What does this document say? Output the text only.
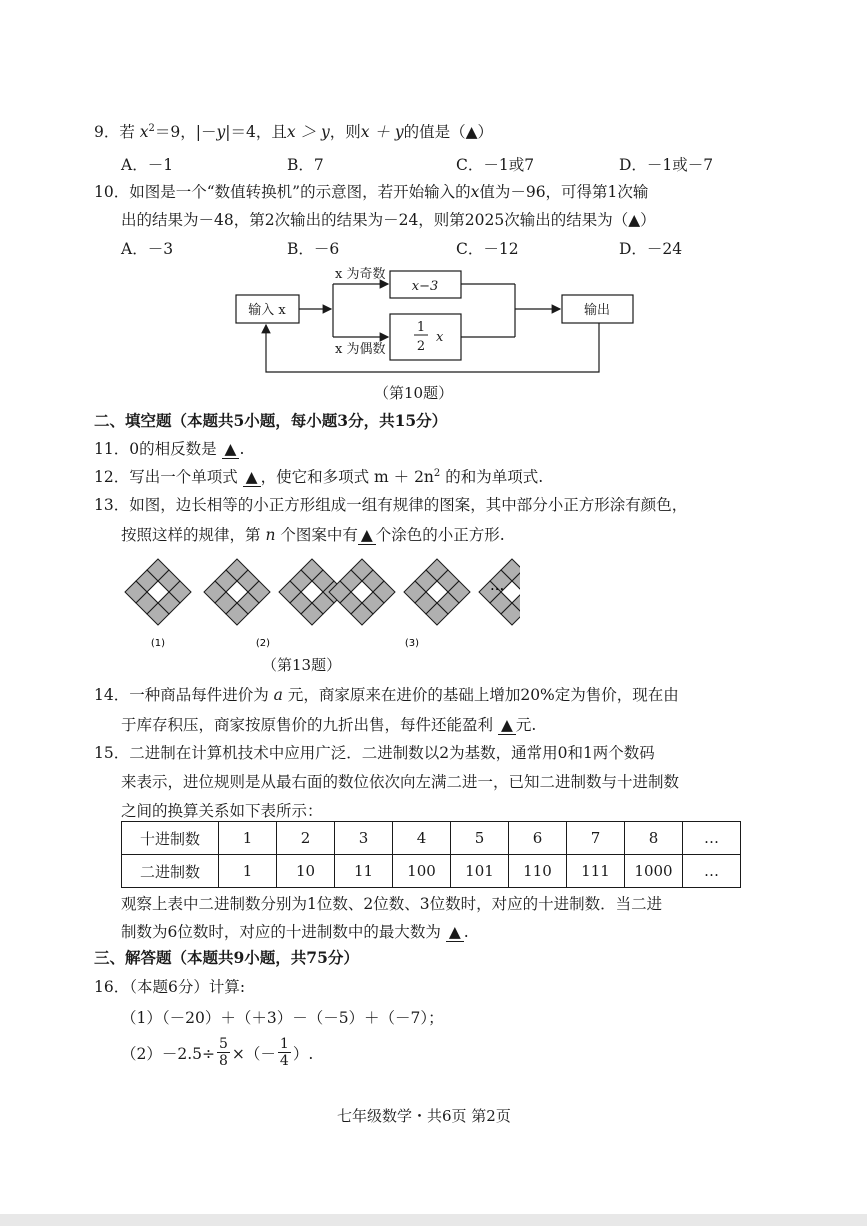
9．若 $x^2=9$，|－y|＝4，且x ＞ y，则x ＋ y的值是（▲）
A．－1	B．7	C．－1或7	D．－1或－7
10．如图是一个“数值转换机”的示意图，若开始输入的x值为－96，可得第1次输
出的结果为－48，第2次输出的结果为－24，则第2025次输出的结果为（▲）
A．－3	B．－6	C．－12	D．－24
输入 x
x 为奇数
x−3
x 为偶数
1
2
x
输出
（第10题）
二、填空题（本题共5小题，每小题3分，共15分）
11．0的相反数是 ▲ .
12．写出一个单项式 ▲ ，使它和多项式 $m + 2n^2$ 的和为单项式.
13．如图，边长相等的小正方形组成一组有规律的图案，其中部分小正方形涂有颜色，
按照这样的规律，第 n 个图案中有 ▲ 个涂色的小正方形.
(1)	(2)	(3)
···
（第13题）
14．一种商品每件进价为 a 元，商家原来在进价的基础上增加20%定为售价，现在由
于库存积压，商家按原售价的九折出售，每件还能盈利 ▲ 元.
15．二进制在计算机技术中应用广泛．二进制数以2为基数，通常用0和1两个数码
来表示，进位规则是从最右面的数位依次向左满二进一，已知二进制数与十进制数
之间的换算关系如下表所示：
十进制数	1	2	3	4	5	6	7	8	…
二进制数	1	10	11	100	101	110	111	1000	…
观察上表中二进制数分别为1位数、2位数、3位数时，对应的十进制数．当二进
制数为6位数时，对应的十进制数中的最大数为 ▲ .
三、解答题（本题共9小题，共75分）
16．（本题6分）计算:
（1）（－20）＋（＋3）－（－5）＋（－7）；
$(2)-2.5\div \frac{5}{8}$ ×（－ $\frac{1}{4}$ ）.
七年级数学・共6页 第2页
